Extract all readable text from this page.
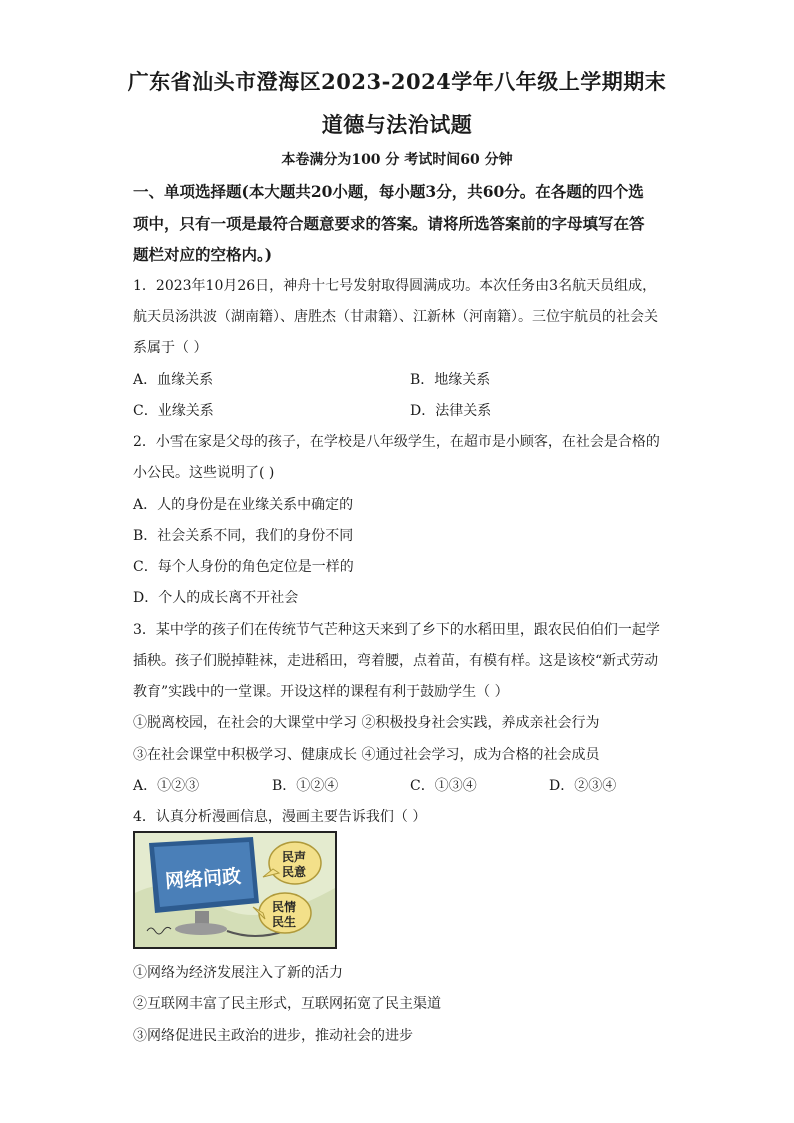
广东省汕头市澄海区2023-2024学年八年级上学期期末
道德与法治试题
本卷满分为100 分 考试时间60 分钟
一、单项选择题(本大题共20小题，每小题3分，共60分。在各题的四个选
项中，只有一项是最符合题意要求的答案。请将所选答案前的字母填写在答
题栏对应的空格内。)
1．2023年10月26日，神舟十七号发射取得圆满成功。本次任务由3名航天员组成，
航天员汤洪波（湖南籍）、唐胜杰（甘肃籍）、江新林（河南籍）。三位宇航员的社会关
系属于（ ）
A．血缘关系	B．地缘关系
C．业缘关系	D．法律关系
2．小雪在家是父母的孩子，在学校是八年级学生，在超市是小顾客，在社会是合格的
小公民。这些说明了( )
A．人的身份是在业缘关系中确定的
B．社会关系不同，我们的身份不同
C．每个人身份的角色定位是一样的
D．个人的成长离不开社会
3．某中学的孩子们在传统节气芒种这天来到了乡下的水稻田里，跟农民伯伯们一起学
插秧。孩子们脱掉鞋袜，走进稻田，弯着腰，点着苗，有模有样。这是该校“新式劳动
教育”实践中的一堂课。开设这样的课程有利于鼓励学生（ ）
①脱离校园，在社会的大课堂中学习 ②积极投身社会实践，养成亲社会行为
③在社会课堂中积极学习、健康成长 ④通过社会学习，成为合格的社会成员
A．①②③	B．①②④	C．①③④	D．②③④
4．认真分析漫画信息，漫画主要告诉我们（ ）
网络问政
民声
民意
民情
民生
①网络为经济发展注入了新的活力
②互联网丰富了民主形式，互联网拓宽了民主渠道
③网络促进民主政治的进步，推动社会的进步
